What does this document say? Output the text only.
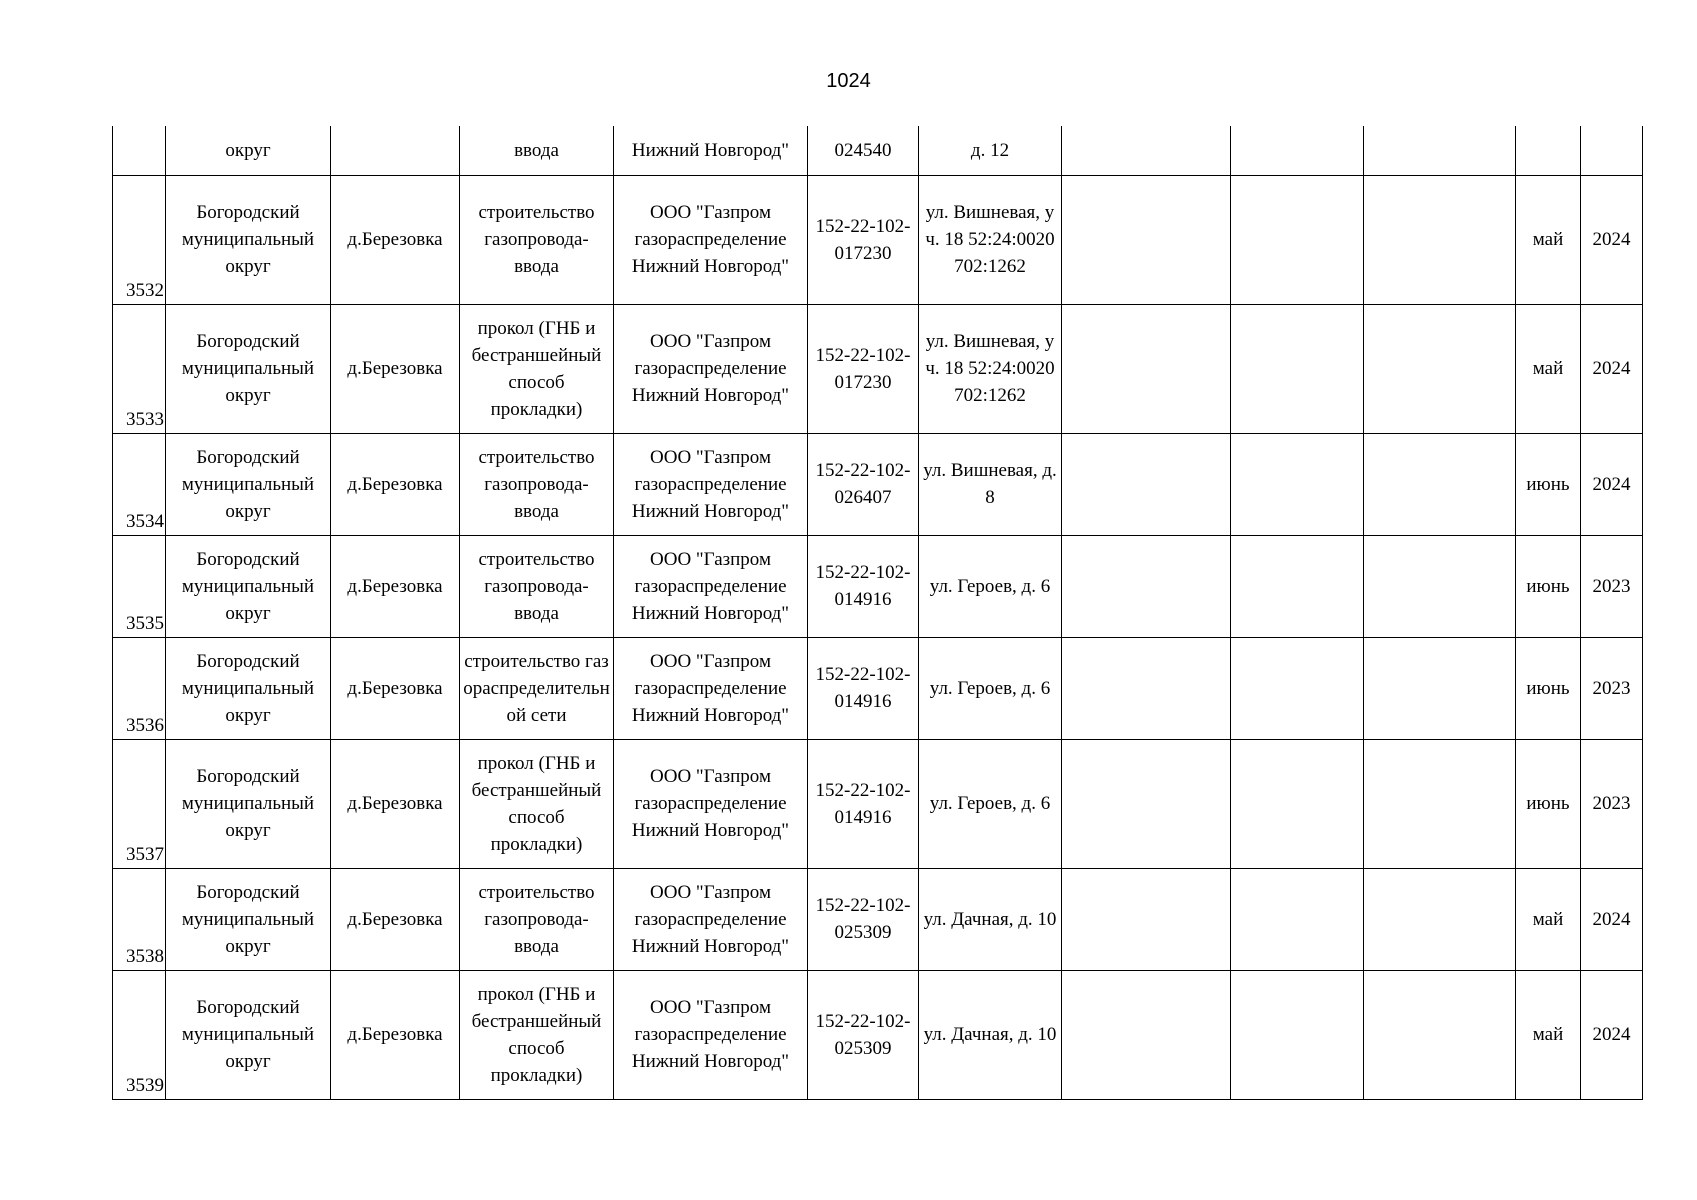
1024
	округ		ввода	Нижний Новгород"	024540	д. 12					
3532	Богородский муниципальный округ	д.Березовка	строительство газопровода-ввода	ООО "Газпром газораспределение Нижний Новгород"	152-22-102-017230	ул. Вишневая, уч. 18 52:24:0020702:1262				май	2024
3533	Богородский муниципальный округ	д.Березовка	прокол (ГНБ и бестраншейный способ прокладки)	ООО "Газпром газораспределение Нижний Новгород"	152-22-102-017230	ул. Вишневая, уч. 18 52:24:0020702:1262				май	2024
3534	Богородский муниципальный округ	д.Березовка	строительство газопровода-ввода	ООО "Газпром газораспределение Нижний Новгород"	152-22-102-026407	ул. Вишневая, д. 8				июнь	2024
3535	Богородский муниципальный округ	д.Березовка	строительство газопровода-ввода	ООО "Газпром газораспределение Нижний Новгород"	152-22-102-014916	ул. Героев, д. 6				июнь	2023
3536	Богородский муниципальный округ	д.Березовка	строительство газораспределительной сети	ООО "Газпром газораспределение Нижний Новгород"	152-22-102-014916	ул. Героев, д. 6				июнь	2023
3537	Богородский муниципальный округ	д.Березовка	прокол (ГНБ и бестраншейный способ прокладки)	ООО "Газпром газораспределение Нижний Новгород"	152-22-102-014916	ул. Героев, д. 6				июнь	2023
3538	Богородский муниципальный округ	д.Березовка	строительство газопровода-ввода	ООО "Газпром газораспределение Нижний Новгород"	152-22-102-025309	ул. Дачная, д. 10				май	2024
3539	Богородский муниципальный округ	д.Березовка	прокол (ГНБ и бестраншейный способ прокладки)	ООО "Газпром газораспределение Нижний Новгород"	152-22-102-025309	ул. Дачная, д. 10				май	2024
